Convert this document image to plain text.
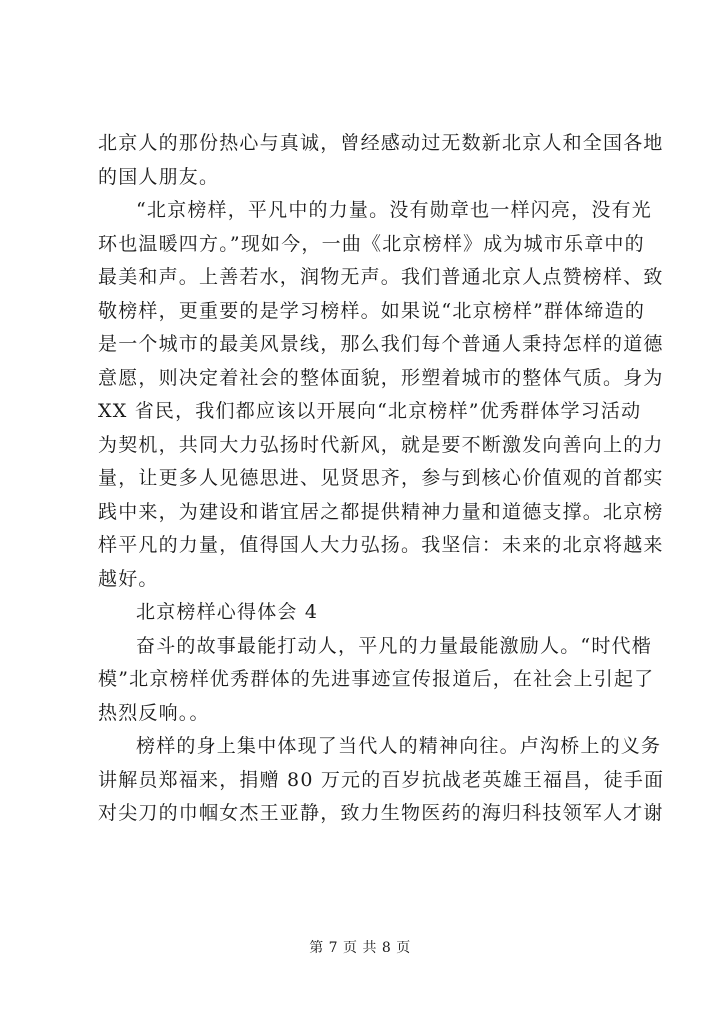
北京人的那份热心与真诚，曾经感动过无数新北京人和全国各地
的国人朋友。
“北京榜样，平凡中的力量。没有勋章也一样闪亮，没有光
环也温暖四方。”现如今，一曲《北京榜样》成为城市乐章中的
最美和声。上善若水，润物无声。我们普通北京人点赞榜样、致
敬榜样，更重要的是学习榜样。如果说“北京榜样”群体缔造的
是一个城市的最美风景线，那么我们每个普通人秉持怎样的道德
意愿，则决定着社会的整体面貌，形塑着城市的整体气质。身为
XX 省民，我们都应该以开展向“北京榜样”优秀群体学习活动
为契机，共同大力弘扬时代新风，就是要不断激发向善向上的力
量，让更多人见德思进、见贤思齐，参与到核心价值观的首都实
践中来，为建设和谐宜居之都提供精神力量和道德支撑。北京榜
样平凡的力量，值得国人大力弘扬。我坚信：未来的北京将越来
越好。
北京榜样心得体会 4
奋斗的故事最能打动人，平凡的力量最能激励人。“时代楷
模”北京榜样优秀群体的先进事迹宣传报道后，在社会上引起了
热烈反响。。
榜样的身上集中体现了当代人的精神向往。卢沟桥上的义务
讲解员郑福来，捐赠 80 万元的百岁抗战老英雄王福昌，徒手面
对尖刀的巾帼女杰王亚静，致力生物医药的海归科技领军人才谢
第 7 页 共 8 页
